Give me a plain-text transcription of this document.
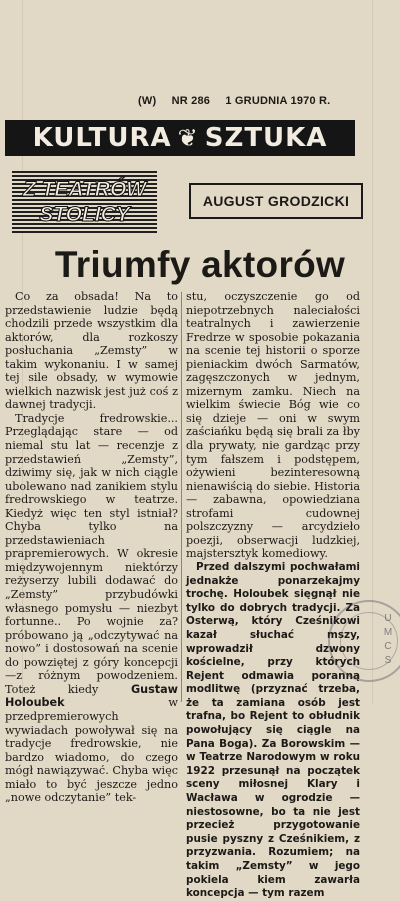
(W) NR 286 1 GRUDNIA 1970 R.
KULTURA ❦ SZTUKA
Z TEATRÓW
STOLICY
AUGUST GRODZICKI
Triumfy aktorów

Co za obsada! Na to przedstawienie ludzie będą chodzili przede wszystkim dla aktorów, dla rozkoszy posłuchania „Zemsty” w takim wykonaniu. I w samej tej sile obsady, w wymowie wielkich nazwisk jest już coś z dawnej tradycji.

Tradycje fredrowskie... Przeglądając stare — od niemal stu lat — recenzje z przedstawień „Zemsty”, dziwimy się, jak w nich ciągle ubolewano nad zanikiem stylu fredrowskiego w teatrze. Kiedyż więc ten styl istniał? Chyba tylko na przedstawieniach prapremierowych. W okresie międzywojennym niektórzy reżyserzy lubili dodawać do „Zemsty” przybudówki własnego pomysłu — niezbyt fortunne.. Po wojnie za? próbowano ją „odczytywać na nowo” i dostosowań na scenie do powziętej z góry koncepcji—z różnym powodzeniem. Toteż kiedy	Gustaw Holoubek	w przedpremierowych wywiadach powoływał się na tradycje fredrowskie, nie bardzo wiadomo, do czego mógł nawiązywać. Chyba więc miało to być jeszcze jedno „nowe odczytanie” tek-

stu, oczyszczenie go od niepotrzebnych naleciałości teatralnych i zawierzenie Fredrze w sposobie pokazania na scenie tej historii o sporze pieniackim dwóch Sarmatów, zagęszczonych w jednym, mizernym zamku. Niech na wielkim świecie Bóg wie co się dzieje — oni w swym zaściańku będą się brali za łby dla prywaty, nie gardząc przy tym fałszem i podstępem, ożywieni bezinteresowną nienawiścią do siebie. Historia — zabawna, opowiedziana strofami cudownej polszczyzny — arcydzieło poezji, obserwacji ludzkiej, majstersztyk komediowy.

Przed dalszymi pochwałami jednakże ponarzekajmy trochę. Holoubek sięgnął nie tylko do dobrych tradycji. Za Osterwą, który Cześnikowi kazał słuchać mszy, wprowadził dzwony kościelne, przy których Rejent odmawia poranną modlitwę (przyznać trzeba, że ta zamiana osób jest trafna, bo Rejent to obłudnik powołujący się ciągle na Pana Boga). Za Borowskim — w Teatrze Narodowym w roku 1922 przesunął na początek sceny miłosnej Klary i Wacława w ogrodzie — niestosowne, bo ta nie jest przecież przygotowanie pusie pyszny z Cześnikiem, z przyzwania. Rozumiem; na takim „Zemsty” w jego pokiela kiem zawarła koncepcja — tym razem

U M C S
